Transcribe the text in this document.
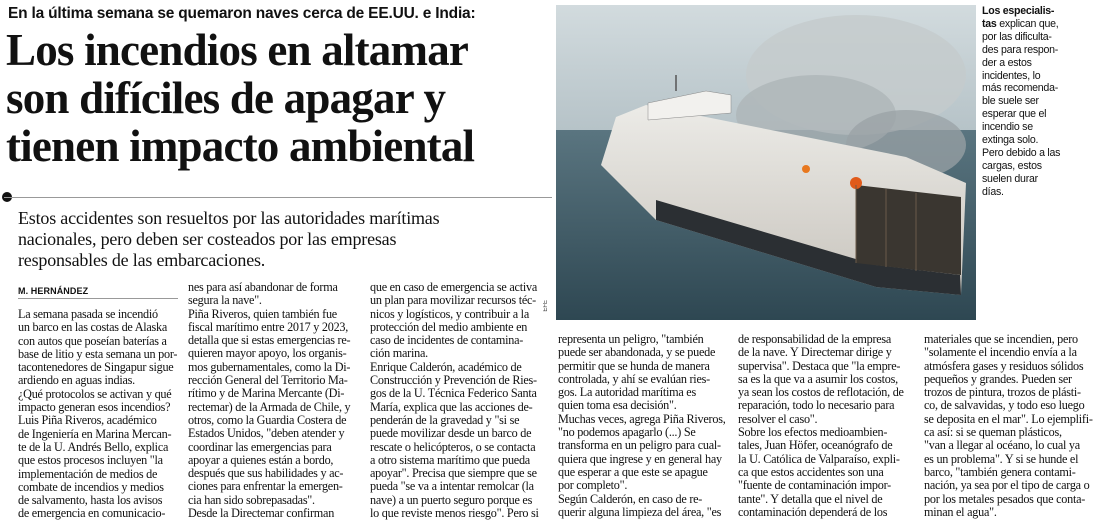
En la última semana se quemaron naves cerca de EE.UU. e India:
Los incendios en altamar
son difíciles de apagar y
tienen impacto ambiental
Estos accidentes son resueltos por las autoridades marítimas
nacionales, pero deben ser costeados por las empresas
responsables de las embarcaciones.
M. HERNÁNDEZ
La semana pasada se incendió
un barco en las costas de Alaska
con autos que poseían baterías a
base de litio y esta semana un por-
tacontenedores de Singapur sigue
ardiendo en aguas indias.
¿Qué protocolos se activan y qué
impacto generan esos incendios?
Luis Piña Riveros, académico
de Ingeniería en Marina Mercan-
te de la U. Andrés Bello, explica
que estos procesos incluyen "la
implementación de medios de
combate de incendios y medios
de salvamento, hasta los avisos
de emergencia en comunicacio-
nes para así abandonar de forma
segura la nave".
Piña Riveros, quien también fue
fiscal marítimo entre 2017 y 2023,
detalla que si estas emergencias re-
quieren mayor apoyo, los organis-
mos gubernamentales, como la Di-
rección General del Territorio Ma-
rítimo y de Marina Mercante (Di-
rectemar) de la Armada de Chile, y
otros, como la Guardia Costera de
Estados Unidos, "deben atender y
coordinar las emergencias para
apoyar a quienes están a bordo,
después que sus habilidades y ac-
ciones para enfrentar la emergen-
cia han sido sobrepasadas".
Desde la Directemar confirman
que en caso de emergencia se activa
un plan para movilizar recursos téc-
nicos y logísticos, y contribuir a la
protección del medio ambiente en
caso de incidentes de contamina-
ción marina.
Enrique Calderón, académico de
Construcción y Prevención de Ries-
gos de la U. Técnica Federico Santa
María, explica que las acciones de-
penderán de la gravedad y "si se
puede movilizar desde un barco de
rescate o helicópteros, o se contacta
a otro sistema marítimo que pueda
apoyar". Precisa que siempre que se
pueda "se va a intentar remolcar (la
nave) a un puerto seguro porque es
lo que reviste menos riesgo". Pero si
representa un peligro, "también
puede ser abandonada, y se puede
permitir que se hunda de manera
controlada, y ahí se evalúan ries-
gos. La autoridad marítima es
quien toma esa decisión".
Muchas veces, agrega Piña Riveros,
"no podemos apagarlo (...) Se
transforma en un peligro para cual-
quiera que ingrese y en general hay
que esperar a que este se apague
por completo".
Según Calderón, en caso de re-
querir alguna limpieza del área, "es
de responsabilidad de la empresa
de la nave. Y Directemar dirige y
supervisa". Destaca que "la empre-
sa es la que va a asumir los costos,
ya sean los costos de reflotación, de
reparación, todo lo necesario para
resolver el caso".
Sobre los efectos medioambien-
tales, Juan Höfer, oceanógrafo de
la U. Católica de Valparaíso, expli-
ca que estos accidentes son una
"fuente de contaminación impor-
tante". Y detalla que el nivel de
contaminación dependerá de los
materiales que se incendien, pero
"solamente el incendio envía a la
atmósfera gases y residuos sólidos
pequeños y grandes. Pueden ser
trozos de pintura, trozos de plásti-
co, de salvavidas, y todo eso luego
se deposita en el mar". Lo ejemplifi-
ca así: si se queman plásticos,
"van a llegar al océano, lo cual ya
es un problema". Y si se hunde el
barco, "también genera contami-
nación, ya sea por el tipo de carga o
por los metales pesados que conta-
minan el agua".
EFE
Los especialis-
tas explican que,
por las dificulta-
des para respon-
der a estos
incidentes, lo
más recomenda-
ble suele ser
esperar que el
incendio se
extinga solo.
Pero debido a las
cargas, estos
suelen durar
días.
